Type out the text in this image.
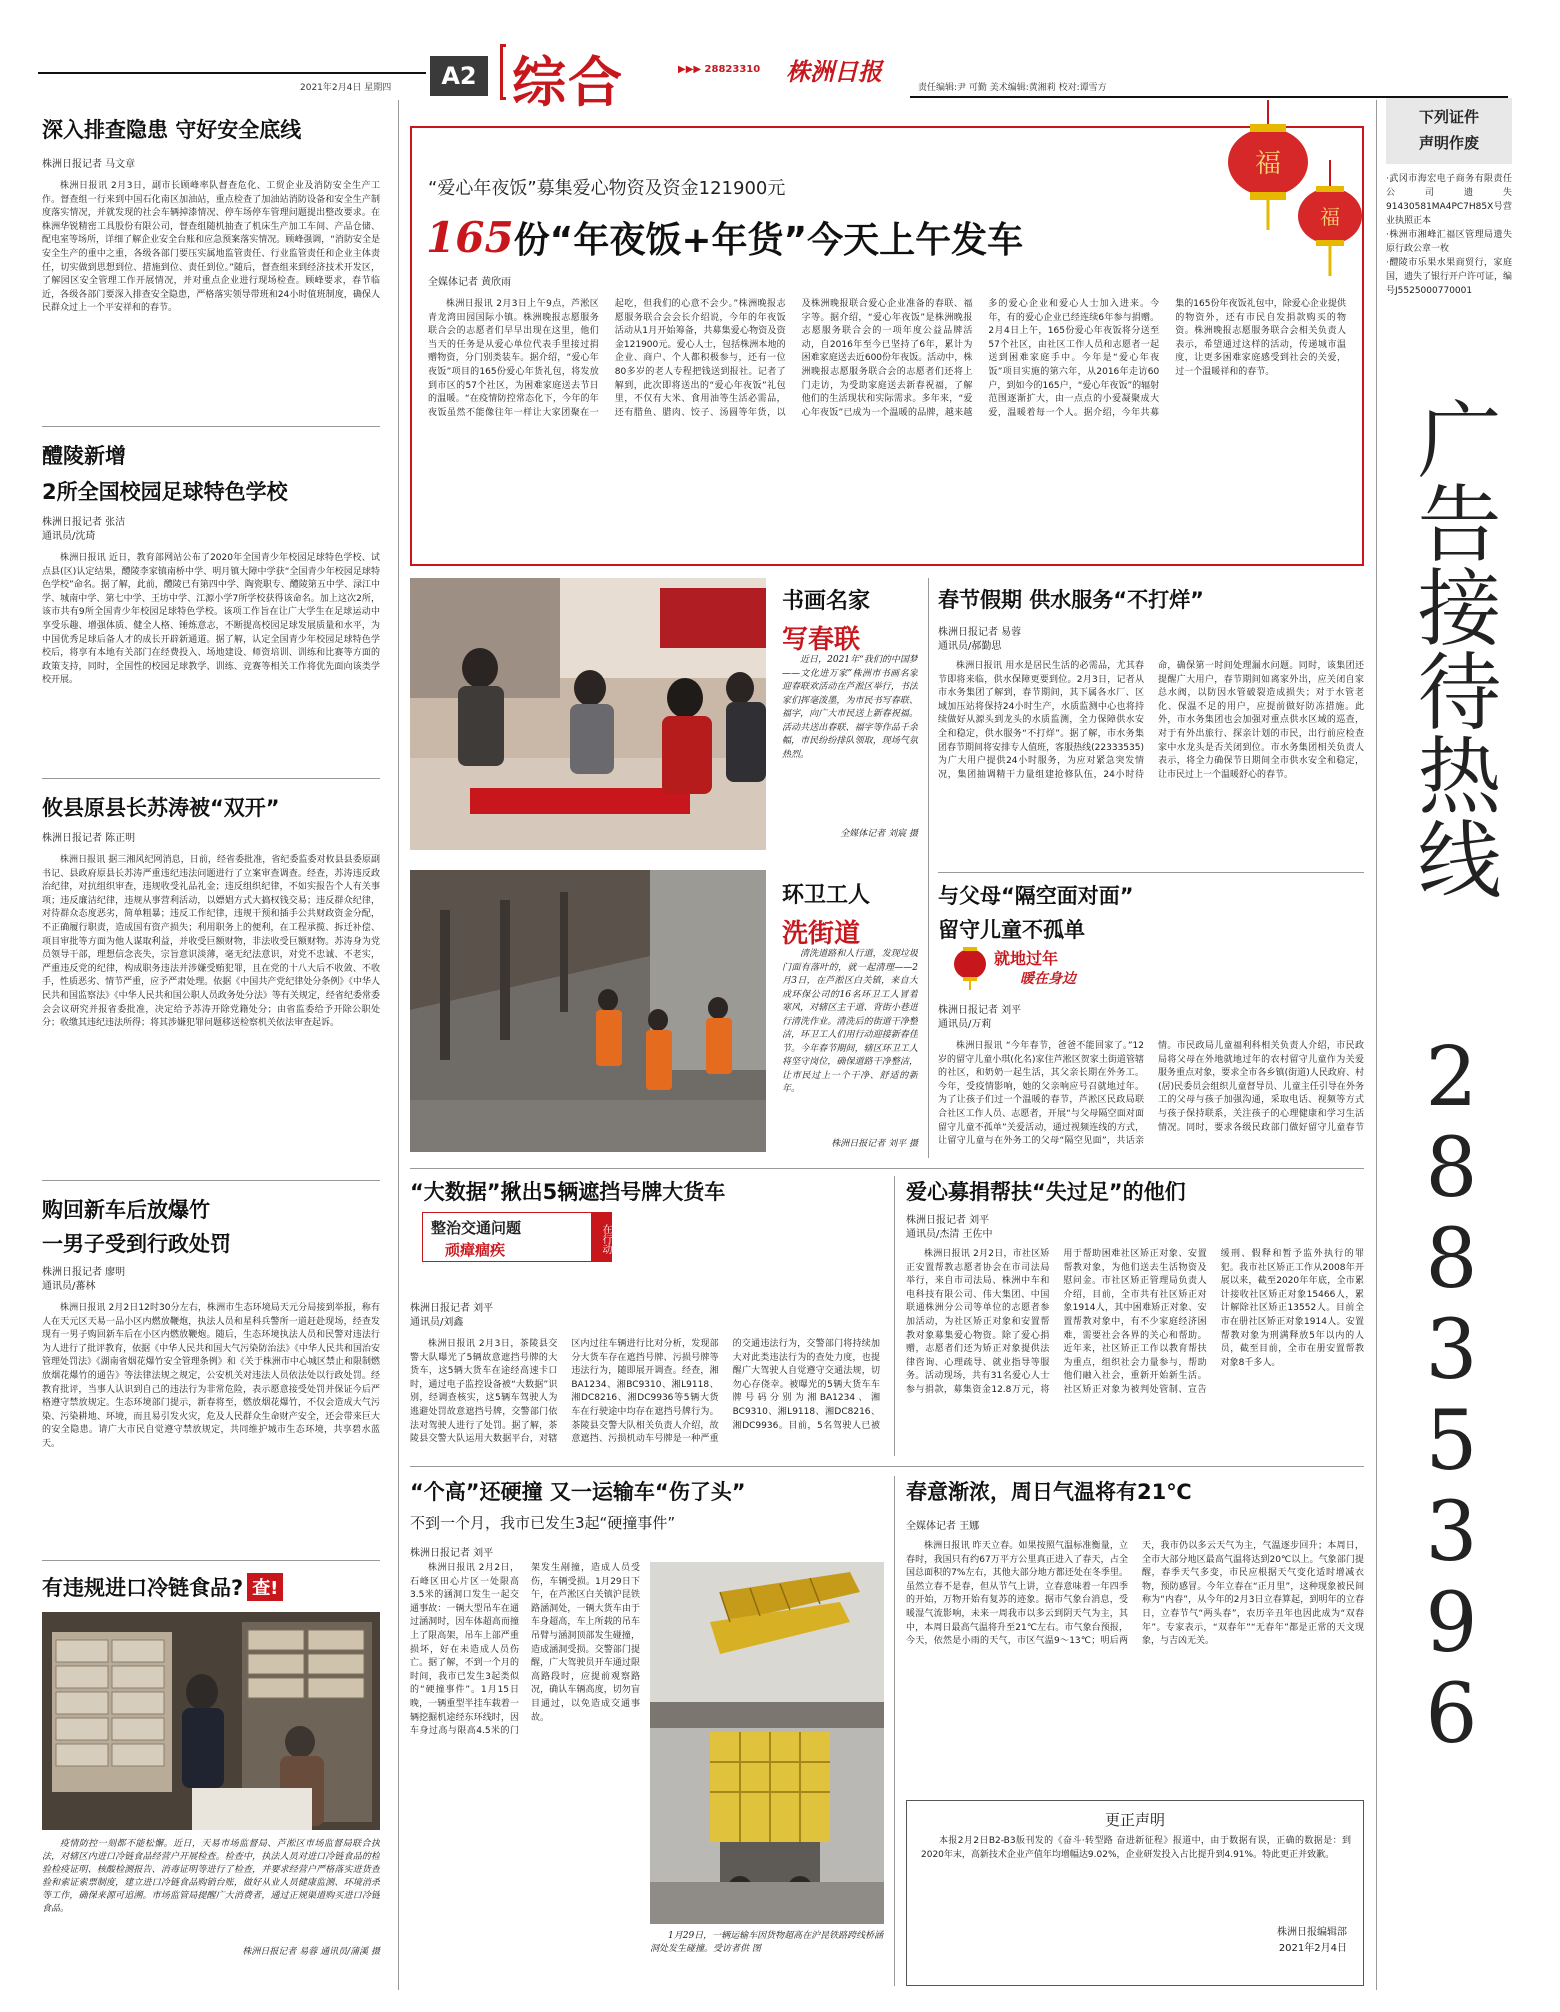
2021年2月4日 星期四	A2 综合	▶▶▶ 28823310 株洲日报
责任编辑:尹 可勤 美术编辑:黄湘莉 校对:谭雪方
深入排查隐患 守好安全底线
株洲日报记者 马文章
株洲日报讯 2月3日，副市长顾峰率队督查危化、工贸企业及消防安全生产工作。督查组一行来到中国石化南区加油站，重点检查了加油站消防设备和安全生产制度落实情况，并就发现的社会车辆掉漆情况、停车场停车管理问题提出整改要求。在株洲华锐精密工具股份有限公司，督查组随机抽查了机床生产加工车间、产品仓储、配电室等场所，详细了解企业安全台账和应急预案落实情况。顾峰强调，“消防安全是安全生产的重中之重，各级各部门要压实属地监管责任、行业监管责任和企业主体责任，切实做到思想到位、措施到位、责任到位。”随后，督查组来到经济技术开发区，了解园区安全管理工作开展情况，并对重点企业进行现场检查。顾峰要求，春节临近，各级各部门要深入排查安全隐患，严格落实领导带班和24小时值班制度，确保人民群众过上一个平安祥和的春节。
醴陵新增
2所全国校园足球特色学校
株洲日报记者 张洁
通讯员/沈琦
株洲日报讯 近日，教育部网站公布了2020年全国青少年校园足球特色学校、试点县(区)认定结果，醴陵李家镇南桥中学、明月镇大障中学获“全国青少年校园足球特色学校”命名。据了解，此前，醴陵已有第四中学、陶瓷职专、醴陵第五中学、渌江中学、城南中学、第七中学、王坊中学、江源小学7所学校获得该命名。加上这次2所，该市共有9所全国青少年校园足球特色学校。该项工作旨在让广大学生在足球运动中享受乐趣、增强体质、健全人格、锤炼意志，不断提高校园足球发展质量和水平，为中国优秀足球后备人才的成长开辟新通道。据了解，认定全国青少年校园足球特色学校后，将享有本地有关部门在经费投入、场地建设、师资培训、训练和比赛等方面的政策支持，同时，全国性的校园足球教学、训练、竞赛等相关工作将优先面向该类学校开展。
攸县原县长苏涛被“双开”
株洲日报记者 陈正明
株洲日报讯 据三湘风纪网消息，日前，经省委批准，省纪委监委对攸县县委原副书记、县政府原县长苏涛严重违纪违法问题进行了立案审查调查。经查，苏涛违反政治纪律，对抗组织审查，违规收受礼品礼金；违反组织纪律，不如实报告个人有关事项；违反廉洁纪律，违规从事营利活动，以嫖娼方式大搞权钱交易；违反群众纪律，对待群众态度恶劣，简单粗暴；违反工作纪律，违规干预和插手公共财政资金分配，不正确履行职责，造成国有资产损失；利用职务上的便利，在工程承揽、拆迁补偿、项目审批等方面为他人谋取利益，并收受巨额财物，非法收受巨额财物。苏涛身为党员领导干部，理想信念丧失，宗旨意识淡薄，毫无纪法意识，对党不忠诚、不老实，严重违反党的纪律，构成职务违法并涉嫌受贿犯罪，且在党的十八大后不收敛、不收手，性质恶劣、情节严重，应予严肃处理。依据《中国共产党纪律处分条例》《中华人民共和国监察法》《中华人民共和国公职人员政务处分法》等有关规定，经省纪委常委会会议研究并报省委批准，决定给予苏涛开除党籍处分；由省监委给予开除公职处分；收缴其违纪违法所得；将其涉嫌犯罪问题移送检察机关依法审查起诉。
购回新车后放爆竹
一男子受到行政处罚
株洲日报记者 廖明
通讯员/蕃林
株洲日报讯 2月2日12时30分左右，株洲市生态环境局天元分局接到举报，称有人在天元区天易一品小区内燃放鞭炮，执法人员和星科兵警所一道赶赴现场，经查发现有一男子购回新车后在小区内燃放鞭炮。随后，生态环境执法人员和民警对违法行为人进行了批评教育，依据《中华人民共和国大气污染防治法》《中华人民共和国治安管理处罚法》《湖南省烟花爆竹安全管理条例》和《关于株洲市中心城区禁止和限制燃放烟花爆竹的通告》等法律法规之规定，公安机关对违法人员依法处以行政处罚。经教育批评，当事人认识到自己的违法行为非常危险，表示愿意接受处罚并保证今后严格遵守禁放规定。生态环境部门提示，新春将至，燃放烟花爆竹，不仅会造成大气污染、污染耕地、环境，而且易引发火灾，危及人民群众生命财产安全，还会带来巨大的安全隐患。请广大市民自觉遵守禁放规定，共同维护城市生态环境，共享碧水蓝天。
有违规进口冷链食品? 查!
疫情防控一刻都不能松懈。近日，天易市场监督局、芦淞区市场监督局联合执法，对辖区内进口冷链食品经营户开展检查。检查中，执法人员对进口冷链食品的检验检疫证明、核酸检测报告、消毒证明等进行了检查，并要求经营户严格落实进货查验和索证索票制度，建立进口冷链食品购销台账，做好从业人员健康监测、环境消杀等工作，确保来源可追溯。市场监管局提醒广大消费者，通过正规渠道购买进口冷链食品。
株洲日报记者 易蓉 通讯员/蒲溪 摄
福
福
“爱心年夜饭”募集爱心物资及资金121900元
165份“年夜饭+年货”今天上午发车
全媒体记者 黄欣雨
株洲日报讯 2月3日上午9点，芦淞区青龙湾田园国际小镇。株洲晚报志愿服务联合会的志愿者们早早出现在这里，他们当天的任务是从爱心单位代表手里接过捐赠物资，分门别类装车。据介绍，“爱心年夜饭”项目的165份爱心年货礼包，将发放到市区的57个社区，为困难家庭送去节日的温暖。“在疫情防控常态化下，今年的年夜饭虽然不能像往年一样让大家团聚在一起吃，但我们的心意不会少。”株洲晚报志愿服务联合会会长介绍说，今年的年夜饭活动从1月开始筹备，共募集爱心物资及资金121900元。爱心人士，包括株洲本地的企业、商户、个人都积极参与，还有一位80多岁的老人专程把钱送到报社。记者了解到，此次即将送出的“爱心年夜饭”礼包里，不仅有大米、食用油等生活必需品，还有腊鱼、腊肉、饺子、汤圆等年货，以及株洲晚报联合爱心企业准备的春联、福字等。据介绍，“爱心年夜饭”是株洲晚报志愿服务联合会的一项年度公益品牌活动，自2016年至今已坚持了6年，累计为困难家庭送去近600份年夜饭。活动中，株洲晚报志愿服务联合会的志愿者们还将上门走访，为受助家庭送去新春祝福，了解他们的生活现状和实际需求。多年来，“爱心年夜饭”已成为一个温暖的品牌，越来越多的爱心企业和爱心人士加入进来。今年，有的爱心企业已经连续6年参与捐赠。2月4日上午，165份爱心年夜饭将分送至57个社区，由社区工作人员和志愿者一起送到困难家庭手中。今年是“爱心年夜饭”项目实施的第六年，从2016年走访60户，到如今的165户，“爱心年夜饭”的辐射范围逐渐扩大，由一点点的小爱凝聚成大爱，温暖着每一个人。据介绍，今年共募集的165份年夜饭礼包中，除爱心企业提供的物资外，还有市民自发捐款购买的物资。株洲晚报志愿服务联合会相关负责人表示，希望通过这样的活动，传递城市温度，让更多困难家庭感受到社会的关爱，过一个温暖祥和的春节。
书画名家
写春联
近日，2021年“我们的中国梦——文化进万家”株洲市书画名家迎春联欢活动在芦淞区举行，书法家们挥毫泼墨，为市民书写春联、福字，向广大市民送上新春祝福。活动共送出春联、福字等作品千余幅，市民纷纷排队领取，现场气氛热烈。
全媒体记者 刘宸 摄
环卫工人
洗街道
清洗道路和人行道，发现垃圾门面有落叶的，就一起清理——2月3日，在芦淞区白关镇，来自大成环保公司的16名环卫工人冒着寒风，对辖区主干道、背街小巷进行清洗作业。清洗后的街道干净整洁，环卫工人们用行动迎接新春佳节。今年春节期间，辖区环卫工人将坚守岗位，确保道路干净整洁，让市民过上一个干净、舒适的新年。
株洲日报记者 刘平 摄
春节假期 供水服务“不打烊”
株洲日报记者 易蓉
通讯员/郝勤思
株洲日报讯 用水是居民生活的必需品，尤其春节即将来临，供水保障更要到位。2月3日，记者从市水务集团了解到，春节期间，其下属各水厂、区域加压站将保持24小时生产，水质监测中心也将持续做好从源头到龙头的水质监测，全力保障供水安全和稳定，供水服务“不打烊”。据了解，市水务集团春节期间将安排专人值班，客服热线(22333535)为广大用户提供24小时服务，为应对紧急突发情况，集团抽调精干力量组建抢修队伍，24小时待命，确保第一时间处理漏水问题。同时，该集团还提醒广大用户，春节期间如离家外出，应关闭自家总水阀，以防因水管破裂造成损失；对于水管老化、保温不足的用户，应提前做好防冻措施。此外，市水务集团也会加强对重点供水区域的巡查，对于有外出旅行、探亲计划的市民，出行前应检查家中水龙头是否关闭到位。市水务集团相关负责人表示，将全力确保节日期间全市供水安全和稳定，让市民过上一个温暖舒心的春节。
与父母“隔空面对面”
留守儿童不孤单
就地过年
暖在身边
株洲日报记者 刘平
通讯员/万莉
株洲日报讯 “今年春节，爸爸不能回家了。”12岁的留守儿童小琪(化名)家住芦淞区贺家土街道管辖的社区，和奶奶一起生活，其父亲长期在外务工。今年，受疫情影响，她的父亲响应号召就地过年。为了让孩子们过一个温暖的春节，芦淞区民政局联合社区工作人员、志愿者，开展“与父母隔空面对面 留守儿童不孤单”关爱活动，通过视频连线的方式，让留守儿童与在外务工的父母“隔空见面”，共话亲情。市民政局儿童福利科相关负责人介绍，市民政局将父母在外地就地过年的农村留守儿童作为关爱服务重点对象，要求全市各乡镇(街道)人民政府、村(居)民委员会组织儿童督导员、儿童主任引导在外务工的父母与孩子加强沟通，采取电话、视频等方式与孩子保持联系，关注孩子的心理健康和学习生活情况。同时，要求各级民政部门做好留守儿童春节
“大数据”揪出5辆遮挡号牌大货车
整治交通问题
顽瘴痼疾	在行动
株洲日报记者 刘平
通讯员/刘鑫
株洲日报讯 2月3日，茶陵县交警大队曝光了5辆故意遮挡号牌的大货车，这5辆大货车在途经高速卡口时，通过电子监控设备被“大数据”识别，经调查核实，这5辆车驾驶人为逃避处罚故意遮挡号牌，交警部门依法对驾驶人进行了处罚。据了解，茶陵县交警大队运用大数据平台，对辖区内过往车辆进行比对分析，发现部分大货车存在遮挡号牌、污损号牌等违法行为，随即展开调查。经查，湘BA1234、湘BC9310、湘L9118、湘DC8216、湘DC9936等5辆大货车在行驶途中均存在遮挡号牌行为。茶陵县交警大队相关负责人介绍，故意遮挡、污损机动车号牌是一种严重的交通违法行为，交警部门将持续加大对此类违法行为的查处力度，也提醒广大驾驶人自觉遵守交通法规，切勿心存侥幸。被曝光的5辆大货车车牌号码分别为湘BA1234、湘BC9310、湘L9118、湘DC8216、湘DC9936。目前，5名驾驶人已被
爱心募捐帮扶“失过足”的他们
株洲日报记者 刘平
通讯员/杰清 王佐中
株洲日报讯 2月2日，市社区矫正安置帮教志愿者协会在市司法局举行，来自市司法局、株洲中车和电科技有限公司、伟大集团、中国联通株洲分公司等单位的志愿者参加活动，为社区矫正对象和安置帮教对象募集爱心物资。除了爱心捐赠，志愿者们还为矫正对象提供法律咨询、心理疏导、就业指导等服务。活动现场，共有31名爱心人士参与捐款，募集资金12.8万元，将用于帮助困难社区矫正对象、安置帮教对象，为他们送去生活物资及慰问金。市社区矫正管理局负责人介绍，目前，全市共有社区矫正对象1914人，其中困难矫正对象、安置帮教对象中，有不少家庭经济困难，需要社会各界的关心和帮助。近年来，社区矫正工作以教育帮扶为重点，组织社会力量参与，帮助他们融入社会，重新开始新生活。社区矫正对象为被判处管制、宣告缓刑、假释和暂予监外执行的罪犯。我市社区矫正工作从2008年开展以来，截至2020年年底，全市累计接收社区矫正对象15466人，累计解除社区矫正13552人。目前全市在册社区矫正对象1914人。安置帮教对象为刑满释放5年以内的人员，截至目前，全市在册安置帮教对象8千多人。
“个高”还硬撞 又一运输车“伤了头”
不到一个月，我市已发生3起“硬撞事件”
株洲日报记者 刘平
株洲日报讯 2月2日，石峰区田心片区一处限高3.5米的涵洞口发生一起交通事故：一辆大型吊车在通过涵洞时，因车体超高而撞上了限高架，吊车上部严重损坏，好在未造成人员伤亡。据了解，不到一个月的时间，我市已发生3起类似的“硬撞事件”。1月15日晚，一辆重型半挂车载着一辆挖掘机途经东环线时，因车身过高与限高4.5米的门架发生剐撞，造成人员受伤，车辆受损。1月29日下午，在芦淞区白关镇沪昆铁路涵洞处，一辆大货车由于车身超高，车上所载的吊车吊臂与涵洞顶部发生碰撞，造成涵洞受损。交警部门提醒，广大驾驶员开车通过限高路段时，应提前观察路况，确认车辆高度，切勿盲目通过，以免造成交通事故。
1月29日，一辆运输车因货物超高在沪昆铁路跨线桥涵洞处发生碰撞。受访者供 图
春意渐浓，周日气温将有21℃
全媒体记者 王娜
株洲日报讯 昨天立春。如果按照气温标准衡量，立春时，我国只有约67万平方公里真正进入了春天，占全国总面积的7%左右，其他大部分地方都还处在冬季里。虽然立春不是春，但从节气上讲，立春意味着一年四季的开始，万物开始有复苏的迹象。据市气象台消息，受暖湿气流影响，未来一周我市以多云到阴天气为主，其中，本周日最高气温将升至21℃左右。市气象台预报，今天，依然是小雨的天气，市区气温9～13℃；明后两天，我市仍以多云天气为主，气温逐步回升；本周日，全市大部分地区最高气温将达到20℃以上。气象部门提醒，春季天气多变，市民应根据天气变化适时增减衣物，预防感冒。今年立春在“正月里”，这种现象被民间称为“内春”，从今年的2月3日立春算起，到明年的立春日，立春节气“两头春”，农历辛丑年也因此成为“双春年”。专家表示，“双春年”“无春年”都是正常的天文现象，与吉凶无关。
更正声明
本报2月2日B2-B3版刊发的《奋斗·转型路 奋进新征程》报道中，由于数据有误，正确的数据是：到2020年末，高新技术企业产值年均增幅达9.02%，企业研发投入占比提升到4.91%。特此更正并致歉。
株洲日报编辑部
2021年2月4日
下列证件
声明作废
·武冈市海宏电子商务有限责任公司遗失91430581MA4PC7H85X号营业执照正本
·株洲市湘峰汇福区管理局遗失原行政公章一枚
·醴陵市乐果水果商贸行，家庭国，遗失了银行开户许可证，编号J5525000770001
广告接待热线
28835396
